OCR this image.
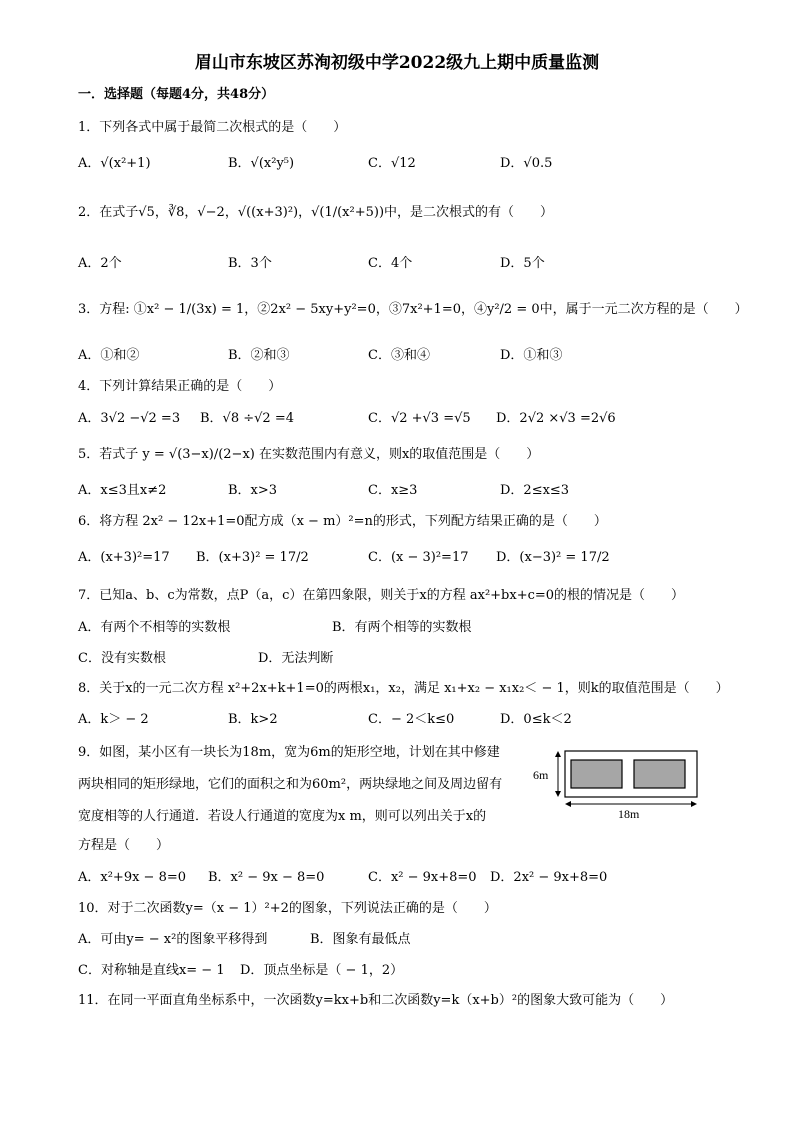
眉山市东坡区苏洵初级中学2022级九上期中质量监测
一．选择题（每题4分，共48分）
1．下列各式中属于最简二次根式的是（　　）
A．√(x²+1)	B．√(x²y⁵)	C．√12	D．√0.5
2．在式子√5，∛8，√−2，√((x+3)²)，√(1/(x²+5))中，是二次根式的有（　　）
A．2个	B．3个	C．4个	D．5个
3．方程: ①x² − 1/(3x) = 1，②2x² − 5xy+y²=0，③7x²+1=0，④y²/2 = 0中，属于一元二次方程的是（　　）
A．①和②	B．②和③	C．③和④	D．①和③
4．下列计算结果正确的是（　　）
A．3√2 −√2 =3 B．√8 ÷√2 =4	C．√2 +√3 =√5 D．2√2 ×√3 =2√6
5．若式子 y = √(3−x)/(2−x) 在实数范围内有意义，则x的取值范围是（　　）
A．x≤3且x≠2	B．x>3	C．x≥3	D．2≤x≤3
6．将方程 2x² − 12x+1=0配方成（x − m）²=n的形式，下列配方结果正确的是（　　）
A．(x+3)²=17 B．(x+3)² = 17/2	C．(x − 3)²=17 D．(x−3)² = 17/2
7．已知a、b、c为常数，点P（a，c）在第四象限，则关于x的方程 ax²+bx+c=0的根的情况是（　　）
A．有两个不相等的实数根	B．有两个相等的实数根
C．没有实数根	D．无法判断
8．关于x的一元二次方程 x²+2x+k+1=0的两根x₁，x₂，满足 x₁+x₂ − x₁x₂＜ − 1，则k的取值范围是（　　）
A．k＞ − 2	B．k>2	C．− 2＜k≤0	D．0≤k＜2
9．如图，某小区有一块长为18m，宽为6m的矩形空地，计划在其中修建
两块相同的矩形绿地，它们的面积之和为60m²，两块绿地之间及周边留有
宽度相等的人行通道．若设人行通道的宽度为x m，则可以列出关于x的
方程是（　　）
A．x²+9x − 8=0 B．x² − 9x − 8=0	C．x² − 9x+8=0 D．2x² − 9x+8=0
6m
18m
10．对于二次函数y=（x − 1）²+2的图象，下列说法正确的是（　　）
A．可由y= − x²的图象平移得到	B．图象有最低点
C．对称轴是直线x= − 1 D．顶点坐标是（ − 1，2）
11．在同一平面直角坐标系中，一次函数y=kx+b和二次函数y=k（x+b）²的图象大致可能为（　　）
